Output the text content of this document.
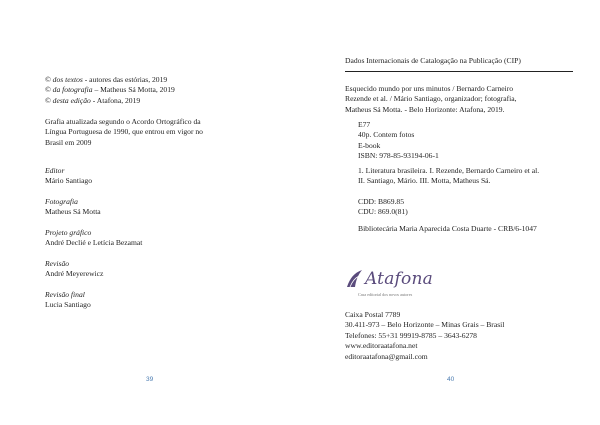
© dos textos - autores das estórias, 2019
© da fotografia – Matheus Sá Motta, 2019
© desta edição - Atafona, 2019
Grafia atualizada segundo o Acordo Ortográfico da
Língua Portuguesa de 1990, que entrou em vigor no
Brasil em 2009
Editor
Mário Santiago
Fotografia
Matheus Sá Motta
Projeto gráfico
André Declié e Letícia Bezamat
Revisão
André Meyerewicz
Revisão final
Lucia Santiago
39
Dados Internacionais de Catalogação na Publicação (CIP)
Esquecido mundo por uns minutos / Bernardo Carneiro
Rezende et al. / Mário Santiago, organizador; fotografia,
Matheus Sá Motta. - Belo Horizonte: Atafona, 2019.
E77
40p. Contem fotos
E-book
ISBN: 978-85-93194-06-1
1. Literatura brasileira. I. Rezende, Bernardo Carneiro et al.
II. Santiago, Mário. III. Motta, Matheus Sá.
CDD: B869.85
CDU: 869.0(81)
Bibliotecária Maria Aparecida Costa Duarte - CRB/6-1047
Atafona
Casa editorial dos novos autores
Caixa Postal 7789
30.411-973 – Belo Horizonte – Minas Grais – Brasil
Telefones: 55+31 99919-8785 – 3643-6278
www.editoraatafona.net
editoraatafona@gmail.com
40
